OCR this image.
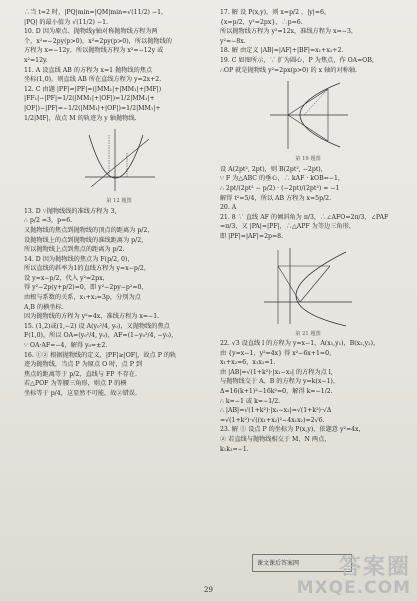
∴当 t=2 时，|PQ|min=|QM|min=√(11/2) −1，
|PQ| 的最小值为 √(11/2) −1.
10. D 因为原点、抛物线y轴对称抛物线方程为两
个，x²=−2py(p>0)，x²=2py(p>0)，所以抛物线的
方程为 x=−12y，所以抛物线方程为 x²=−12y 或
x²=12y.
11. A 设直线 AB 的方程为 x=1 抛物线的焦点
坐标(1,0)，则直线 AB 所在直线方程为 y=2x+2.
12. C 由题 |PF|=|PF|=(|MM₁|+|MM₁|+|MF|)
|FF₁|−|PF|=1/2(|MM₁|+|OF|)=1/2|MM₁|+
|OF|)−|PF|=−1/2(|MM₁|+|OF|)=1/2|MM₁|+
1/2|MF|，故点 M 的轨迹为 y 轴抛物线.
第 12 题图
13. D ∵抛物线线的准线方程为 3,
∴ p/2 =3，p=6.
又抛物线的焦点到抛物线的顶点的距离为 p/2，
设抛物线上的点到抛物线的准线距离为 p/2，
所以抛物线上点到焦点的距离为 p/2.
14. D 因为抛物线的焦点为 F(p/2, 0)，
所以直线的斜率为1的直线方程为 y=x−p/2，
设 y=x−p/2，代入 y²=2px，
得 y²−2p(y+p/2)=0，即 y²−2py−p²=0，
由根与系数的关系，x₁+x₂=3p，分别为点
A,B 的横坐标.
因为抛物线的方程为 y²=4x，准线方程为 x=−1.
15. (1,2)或(1,−2) 设 A(y₀²/4, y₀)，又抛物线的焦点
F(1,0)，所以 OA=(y₀²/4, y₀)，AF=(1−y₀²/4, −y₀)，
∵ OA·AF=−4，解得 y₀=±2.
16. ①② 根据抛物线的定义，|PF|≥|OF|，故点 P 的轨
迹为抛物线，当点 P 为原点 O 时，点 P 到
焦点的距离等于 p/2，直线与 FP 不存在.
若△POF 为等腰三角形，则点 P 的横
坐标等于 p/4，这显然不可能，故②错误.
17. 解 设 P(x,y)，则 x=p/2 ，|y|=6，
{x=p/2，y²=2px}，∴p=6.
所以抛物线方程为 y²=12x，准线方程为 x=−3，
y²=−8x.
18. 解 由定义 |AB|=|AF|+|BF|=x₁+x₂+2.
19. C 如图所示，∵ 扩为圆心，P 为焦点，作 OA=OB，
∴OP 就是抛物线 y²=2px(p>0) 的 x 轴的对称轴.
第 19 题图
设 A(2pt², 2pt)，则 B(2pt², −2pt)，
∵ F 为△ABC 的垂心，∴ kAF · kOB=−1，
∴ 2pt/(2pt² − p/2) · (−2pt)/(2pt²) = −1
解得 t²=5/4，所以 AB 方程为 x=5p/2.
20. A
21. 8 ∵ 直线 AF 的倾斜角为 π/3，∴∠AFO=2π/3，∠PAF
=π/3，又 |PA|=|PF|，∴△APF 为等边三角形，
即 |PF|=|AF|=2p=8.
第 21 题图
22. √3 设直线 l 的方程为 y=x−1，A(x₁,y₁)，B(x₂,y₂)，
由 {y=x−1，y²=4x} 得 x²−6x+1=0，
x₁+x₂=6，x₁x₂=1.
由 |AB|=√(1+k²)·|x₁−x₂| 的方程为点 l,
与抛物线交于 A、B 的方程为 y=k(x−1)，
Δ=16(k+1)²−16k²=0，解得 k=−1/2.
∴ k=−1 或 k=−1/2.
∴ |AB|=√(1+k²)·|x₁−x₂|=√(1+k²)·√Δ
=√(1+k²)·√((x₁+x₂)²−4x₁x₂)=2√6.
23. 解 ① 设点 P 的坐标为 P(x,y)，依题意 y²=4x，
② 若直线与抛物线相交于 M、N 两点，
k₁k₂=−1.
课文课后答案网
29
答案圈
MXQE.COM
